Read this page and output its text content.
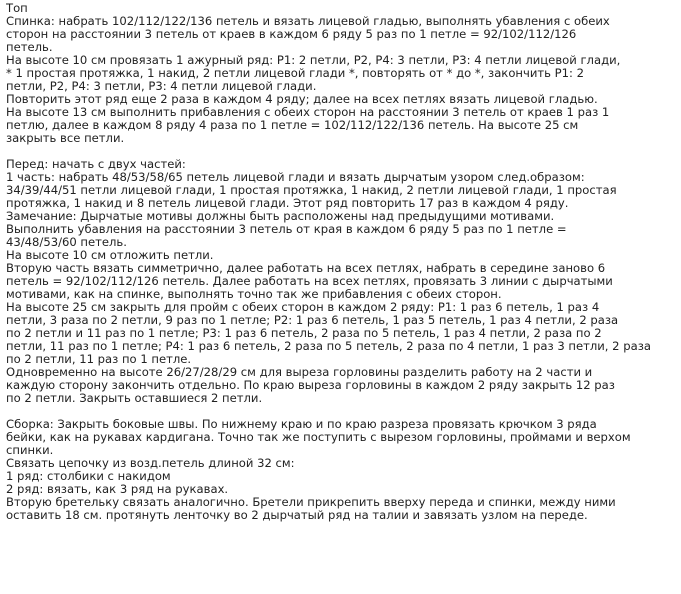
Топ
Спинка: набрать 102/112/122/136 петель и вязать лицевой гладью, выполнять убавления с обеих
сторон на расстоянии 3 петель от краев в каждом 6 ряду 5 раз по 1 петле = 92/102/112/126
петель.
На высоте 10 см провязать 1 ажурный ряд: Р1: 2 петли, Р2, Р4: 3 петли, Р3: 4 петли лицевой глади,
* 1 простая протяжка, 1 накид, 2 петли лицевой глади *, повторять от * до *, закончить Р1: 2
петли, Р2, Р4: 3 петли, Р3: 4 петли лицевой глади.
Повторить этот ряд еще 2 раза в каждом 4 ряду; далее на всех петлях вязать лицевой гладью.
На высоте 13 см выполнить прибавления с обеих сторон на расстоянии 3 петель от краев 1 раз 1
петлю, далее в каждом 8 ряду 4 раза по 1 петле = 102/112/122/136 петель. На высоте 25 см
закрыть все петли.
Перед: начать с двух частей:
1 часть: набрать 48/53/58/65 петель лицевой глади и вязать дырчатым узором след.образом:
34/39/44/51 петли лицевой глади, 1 простая протяжка, 1 накид, 2 петли лицевой глади, 1 простая
протяжка, 1 накид и 8 петель лицевой глади. Этот ряд повторить 17 раз в каждом 4 ряду.
Замечание: Дырчатые мотивы должны быть расположены над предыдущими мотивами.
Выполнить убавления на расстоянии 3 петель от края в каждом 6 ряду 5 раз по 1 петле =
43/48/53/60 петель.
На высоте 10 см отложить петли.
Вторую часть вязать симметрично, далее работать на всех петлях, набрать в середине заново 6
петель = 92/102/112/126 петель. Далее работать на всех петлях, провязать 3 линии с дырчатыми
мотивами, как на спинке, выполнять точно так же прибавления с обеих сторон.
На высоте 25 см закрыть для пройм с обеих сторон в каждом 2 ряду: Р1: 1 раз 6 петель, 1 раз 4
петли, 3 раза по 2 петли, 9 раз по 1 петле; Р2: 1 раз 6 петель, 1 раз 5 петель, 1 раз 4 петли, 2 раза
по 2 петли и 11 раз по 1 петле; Р3: 1 раз 6 петель, 2 раза по 5 петель, 1 раз 4 петли, 2 раза по 2
петли, 11 раз по 1 петле; Р4: 1 раз 6 петель, 2 раза по 5 петель, 2 раза по 4 петли, 1 раз 3 петли, 2 раза
по 2 петли, 11 раз по 1 петле.
Одновременно на высоте 26/27/28/29 см для выреза горловины разделить работу на 2 части и
каждую сторону закончить отдельно. По краю выреза горловины в каждом 2 ряду закрыть 12 раз
по 2 петли. Закрыть оставшиеся 2 петли.
Сборка: Закрыть боковые швы. По нижнему краю и по краю разреза провязать крючком 3 ряда
бейки, как на рукавах кардигана. Точно так же поступить с вырезом горловины, проймами и верхом
спинки.
Связать цепочку из возд.петель длиной 32 см:
1 ряд: столбики с накидом
2 ряд: вязать, как 3 ряд на рукавах.
Вторую бретельку связать аналогично. Бретели прикрепить вверху переда и спинки, между ними
оставить 18 см. протянуть ленточку во 2 дырчатый ряд на талии и завязать узлом на переде.
